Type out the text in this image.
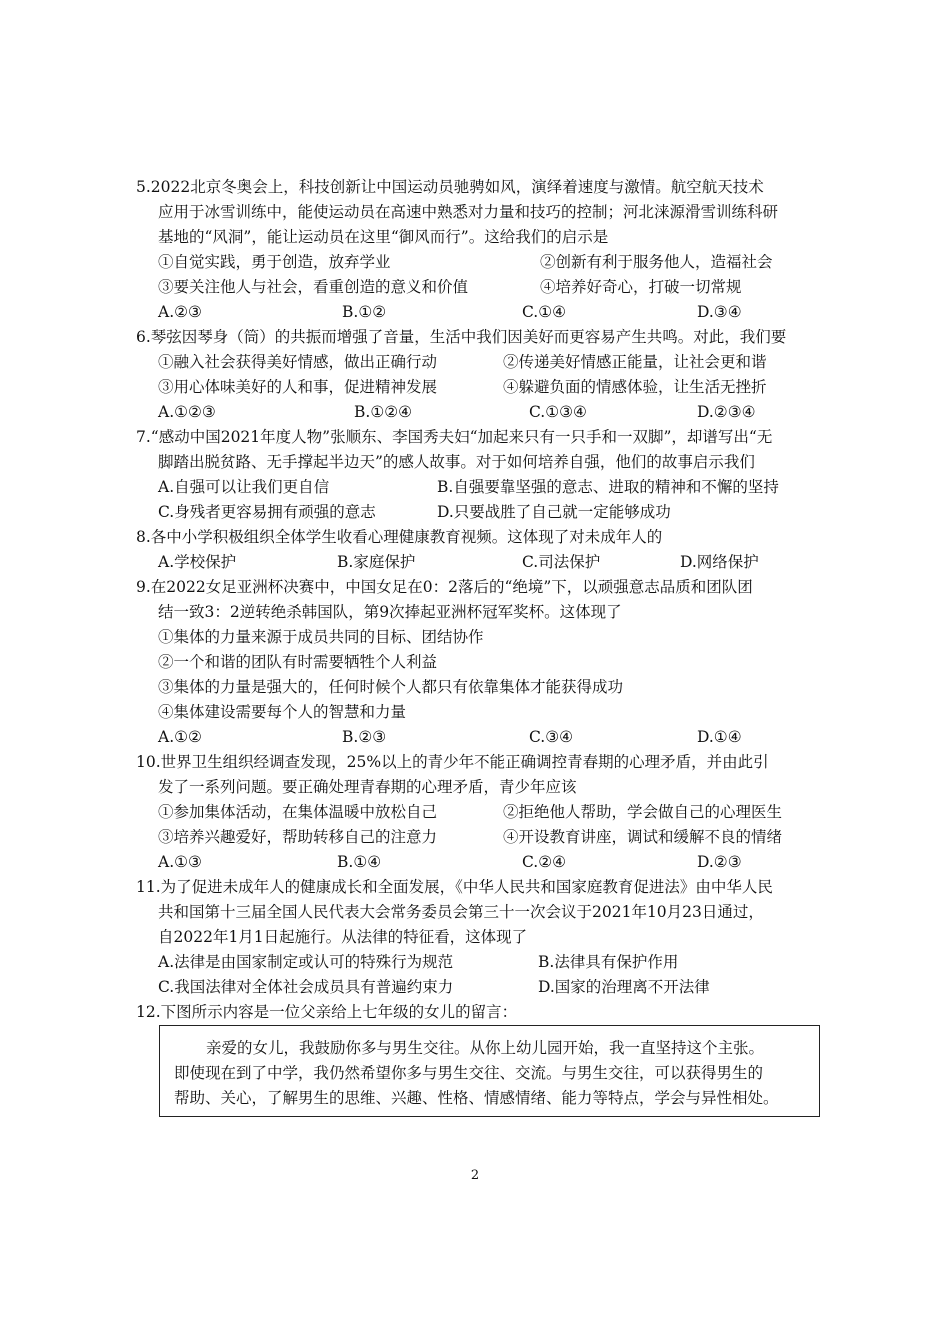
5.2022北京冬奥会上，科技创新让中国运动员驰骋如风，演绎着速度与激情。航空航天技术
应用于冰雪训练中，能使运动员在高速中熟悉对力量和技巧的控制；河北涞源滑雪训练科研
基地的“风洞”，能让运动员在这里“御风而行”。这给我们的启示是
①自觉实践，勇于创造，放弃学业	②创新有利于服务他人，造福社会
③要关注他人与社会，看重创造的意义和价值	④培养好奇心，打破一切常规
A.②③	B.①②	C.①④	D.③④
6.琴弦因琴身（筒）的共振而增强了音量，生活中我们因美好而更容易产生共鸣。对此，我们要
①融入社会获得美好情感，做出正确行动	②传递美好情感正能量，让社会更和谐
③用心体味美好的人和事，促进精神发展	④躲避负面的情感体验，让生活无挫折
A.①②③	B.①②④	C.①③④	D.②③④
7.“感动中国2021年度人物”张顺东、李国秀夫妇“加起来只有一只手和一双脚”，却谱写出“无
脚踏出脱贫路、无手撑起半边天”的感人故事。对于如何培养自强，他们的故事启示我们
A.自强可以让我们更自信	B.自强要靠坚强的意志、进取的精神和不懈的坚持
C.身残者更容易拥有顽强的意志	D.只要战胜了自己就一定能够成功
8.各中小学积极组织全体学生收看心理健康教育视频。这体现了对未成年人的
A.学校保护	B.家庭保护	C.司法保护	D.网络保护
9.在2022女足亚洲杯决赛中，中国女足在0：2落后的“绝境”下，以顽强意志品质和团队团
结一致3：2逆转绝杀韩国队，第9次捧起亚洲杯冠军奖杯。这体现了
①集体的力量来源于成员共同的目标、团结协作
②一个和谐的团队有时需要牺牲个人利益
③集体的力量是强大的，任何时候个人都只有依靠集体才能获得成功
④集体建设需要每个人的智慧和力量
A.①②	B.②③	C.③④	D.①④
10.世界卫生组织经调查发现，25%以上的青少年不能正确调控青春期的心理矛盾，并由此引
发了一系列问题。要正确处理青春期的心理矛盾，青少年应该
①参加集体活动，在集体温暖中放松自己	②拒绝他人帮助，学会做自己的心理医生
③培养兴趣爱好，帮助转移自己的注意力	④开设教育讲座，调试和缓解不良的情绪
A.①③	B.①④	C.②④	D.②③
11.为了促进未成年人的健康成长和全面发展，《中华人民共和国家庭教育促进法》由中华人民
共和国第十三届全国人民代表大会常务委员会第三十一次会议于2021年10月23日通过，
自2022年1月1日起施行。从法律的特征看，这体现了
A.法律是由国家制定或认可的特殊行为规范	B.法律具有保护作用
C.我国法律对全体社会成员具有普遍约束力	D.国家的治理离不开法律
12.下图所示内容是一位父亲给上七年级的女儿的留言：
亲爱的女儿，我鼓励你多与男生交往。从你上幼儿园开始，我一直坚持这个主张。
即使现在到了中学，我仍然希望你多与男生交往、交流。与男生交往，可以获得男生的
帮助、关心，了解男生的思维、兴趣、性格、情感情绪、能力等特点，学会与异性相处。
2
